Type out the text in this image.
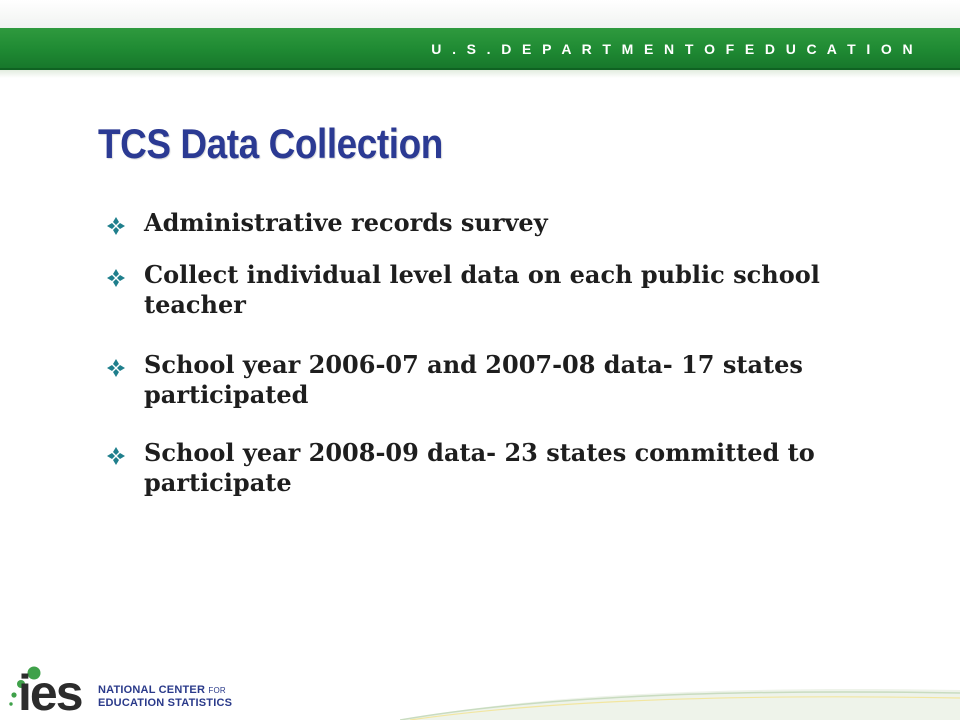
U . S . D E P A R T M E N T O F E D U C A T I O N
TCS Data Collection
Administrative records survey
Collect individual level data on each public school teacher
School year 2006-07 and 2007-08 data- 17 states participated
School year 2008-09 data- 23 states committed to participate
ies NATIONAL CENTER FOR
EDUCATION STATISTICS
